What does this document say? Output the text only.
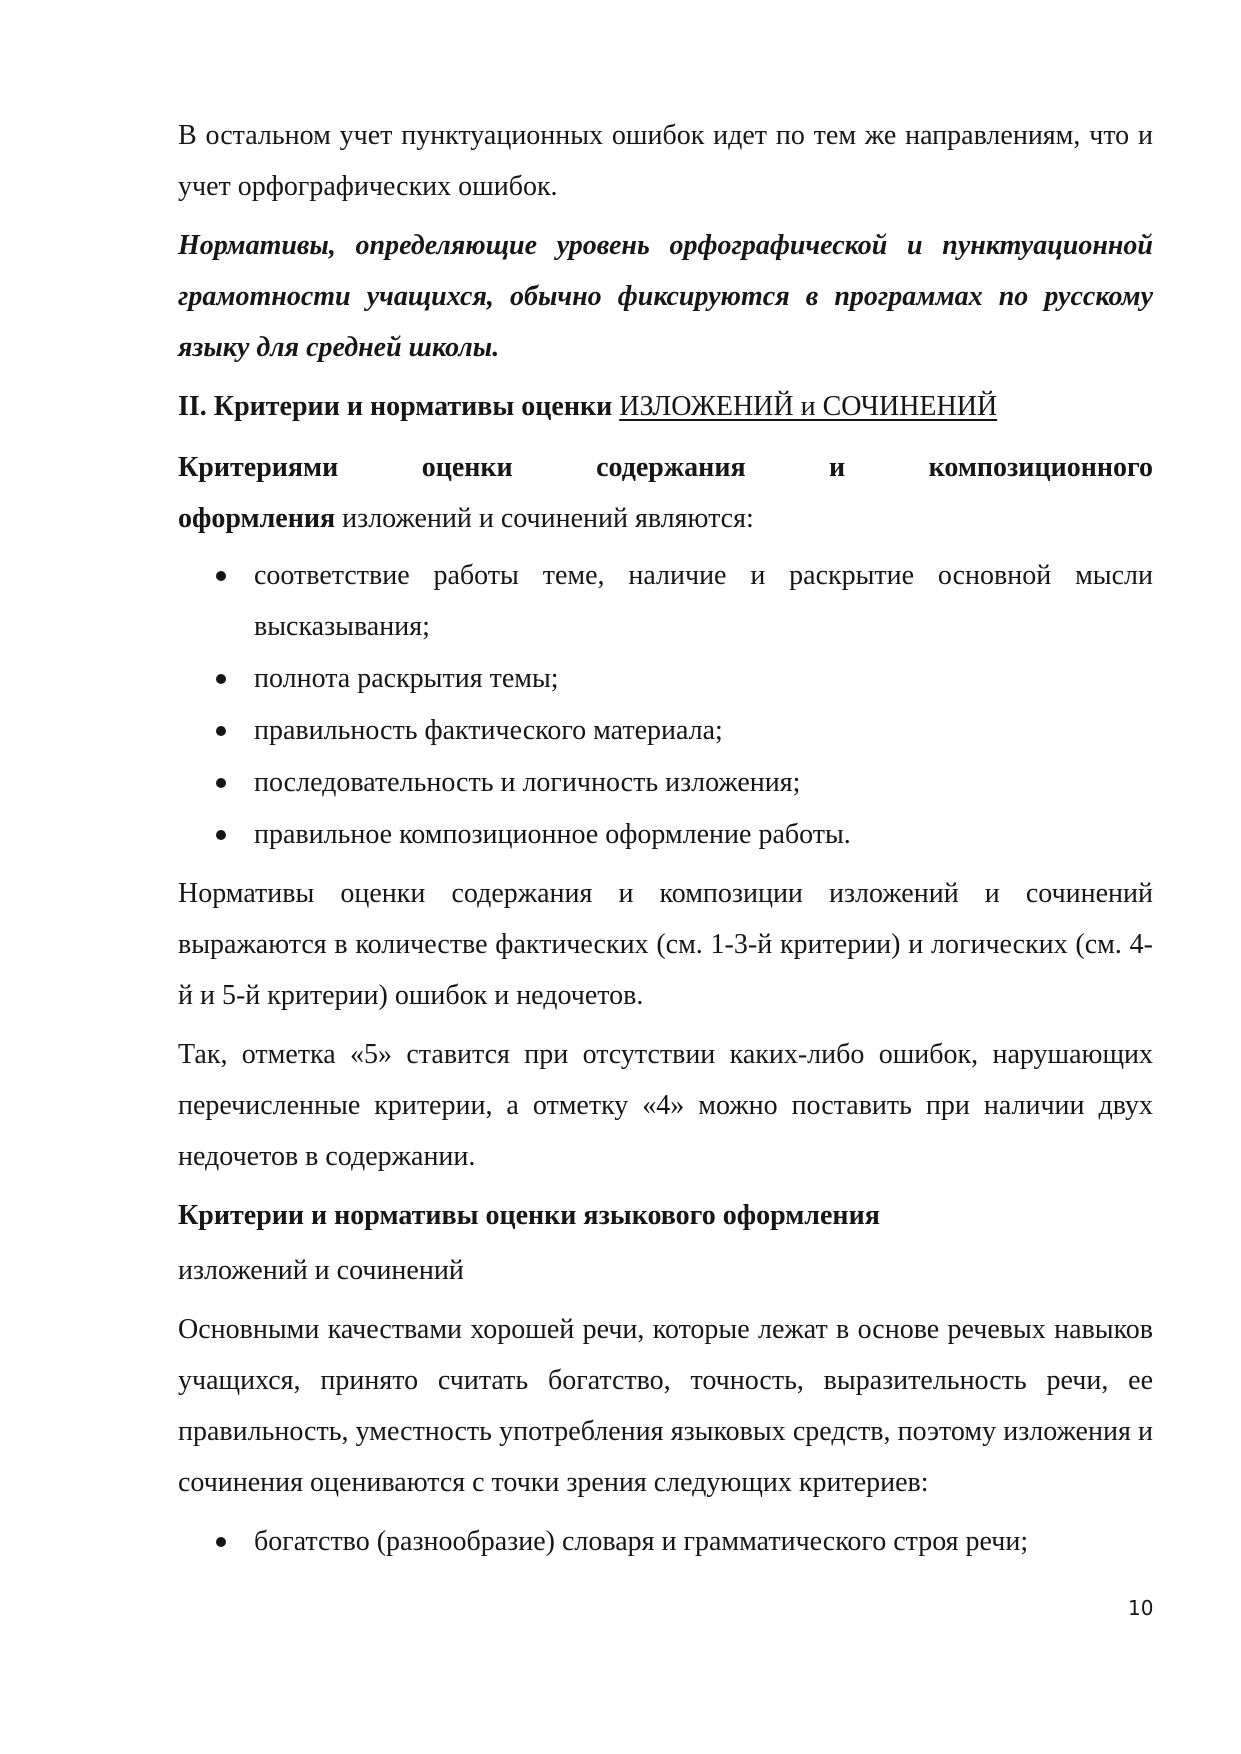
В остальном учет пунктуационных ошибок идет по тем же направлениям, что и учет орфографических ошибок.

Нормативы, определяющие уровень орфографической и пунктуационной грамотности учащихся, обычно фиксируются в программах по русскому языку для средней школы.

II. Критерии и нормативы оценки ИЗЛОЖЕНИЙ и СОЧИНЕНИЙ
Критериями оценки содержания и композиционного
оформления изложений и сочинений являются:
соответствие работы теме, наличие и раскрытие основной мысли высказывания;
полнота раскрытия темы;
правильность фактического материала;
последовательность и логичность изложения;
правильное композиционное оформление работы.

Нормативы оценки содержания и композиции изложений и сочинений выражаются в количестве фактических (см. 1-3-й критерии) и логических (см. 4-й и 5-й критерии) ошибок и недочетов.

Так, отметка «5» ставится при отсутствии каких-либо ошибок, нарушающих перечисленные критерии, а отметку «4» можно поставить при наличии двух недочетов в содержании.

Критерии и нормативы оценки языкового оформления

изложений и сочинений

Основными качествами хорошей речи, которые лежат в основе речевых навыков учащихся, принято считать богатство, точность, выразительность речи, ее правильность, уместность употребления языковых средств, поэтому изложения и сочинения оцениваются с точки зрения следующих критериев:

богатство (разнообразие) словаря и грамматического строя речи;
10
